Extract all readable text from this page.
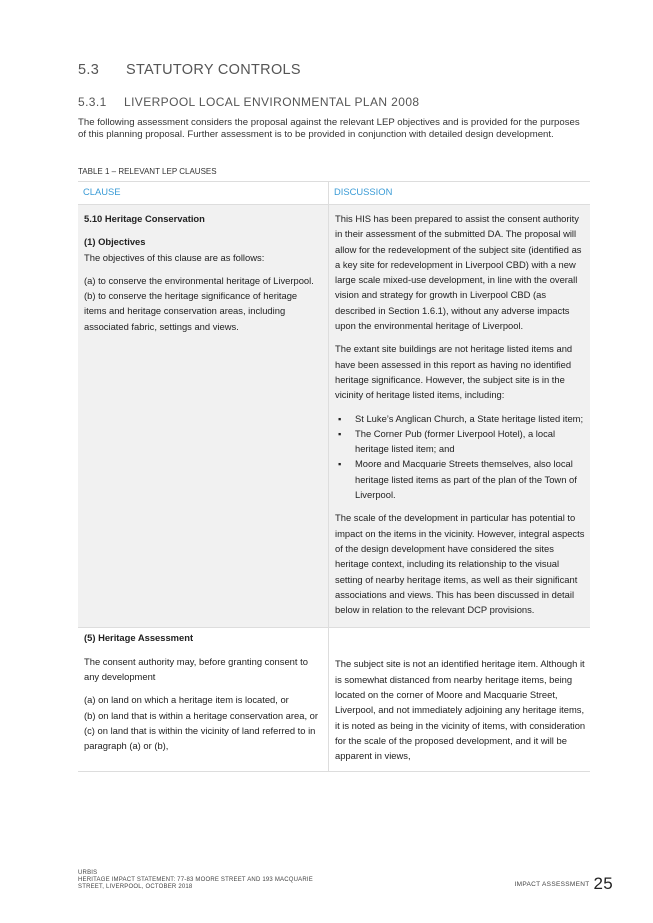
5.3 STATUTORY CONTROLS
5.3.1 LIVERPOOL LOCAL ENVIRONMENTAL PLAN 2008
The following assessment considers the proposal against the relevant LEP objectives and is provided for the purposes of this planning proposal. Further assessment is to be provided in conjunction with detailed design development.
TABLE 1 – RELEVANT LEP CLAUSES
CLAUSE	DISCUSSION

5.10 Heritage Conservation

(1) Objectives

The objectives of this clause are as follows:

(a) to conserve the environmental heritage of Liverpool.

(b) to conserve the heritage significance of heritage items and heritage conservation areas, including associated fabric, settings and views.

This HIS has been prepared to assist the consent authority in their assessment of the submitted DA. The proposal will allow for the redevelopment of the subject site (identified as a key site for redevelopment in Liverpool CBD) with a new large scale mixed-use development, in line with the overall vision and strategy for growth in Liverpool CBD (as described in Section 1.6.1), without any adverse impacts upon the environmental heritage of Liverpool.

The extant site buildings are not heritage listed items and have been assessed in this report as having no identified heritage significance. However, the subject site is in the vicinity of heritage listed items, including:

▪ St Luke’s Anglican Church, a State heritage listed item;
▪ The Corner Pub (former Liverpool Hotel), a local heritage listed item; and
▪ Moore and Macquarie Streets themselves, also local heritage listed items as part of the plan of the Town of Liverpool.

The scale of the development in particular has potential to impact on the items in the vicinity. However, integral aspects of the design development have considered the sites heritage context, including its relationship to the visual setting of nearby heritage items, as well as their significant associations and views. This has been discussed in detail below in relation to the relevant DCP provisions.

(5) Heritage Assessment

The consent authority may, before granting consent to any development

(a) on land on which a heritage item is located, or

(b) on land that is within a heritage conservation area, or (c) on land that is within the vicinity of land referred to in paragraph (a) or (b),

The subject site is not an identified heritage item. Although it is somewhat distanced from nearby heritage items, being located on the corner of Moore and Macquarie Street, Liverpool, and not immediately adjoining any heritage items, it is noted as being in the vicinity of items, with consideration for the scale of the proposed development, and it will be apparent in views,

URBIS
HERITAGE IMPACT STATEMENT: 77-83 MOORE STREET AND 193 MACQUARIE
STREET, LIVERPOOL, OCTOBER 2018	IMPACT ASSESSMENT 25
